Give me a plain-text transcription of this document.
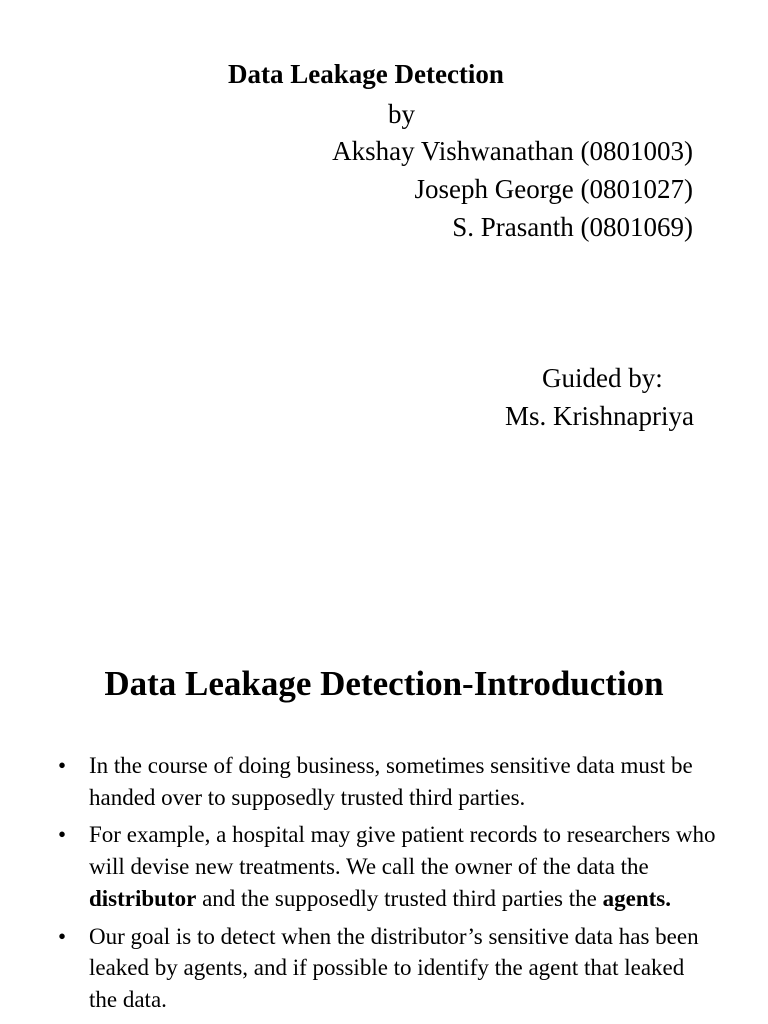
Data Leakage Detection
by
Akshay Vishwanathan (0801003)
Joseph George (0801027)
S. Prasanth (0801069)
Guided by:
Ms. Krishnapriya
Data Leakage Detection-Introduction
• In the course of doing business, sometimes sensitive data must be handed over to supposedly trusted third parties.
• For example, a hospital may give patient records to researchers who will devise new treatments. We call the owner of the data the distributor and the supposedly trusted third parties the agents.
• Our goal is to detect when the distributor’s sensitive data has been leaked by agents, and if possible to identify the agent that leaked the data.
